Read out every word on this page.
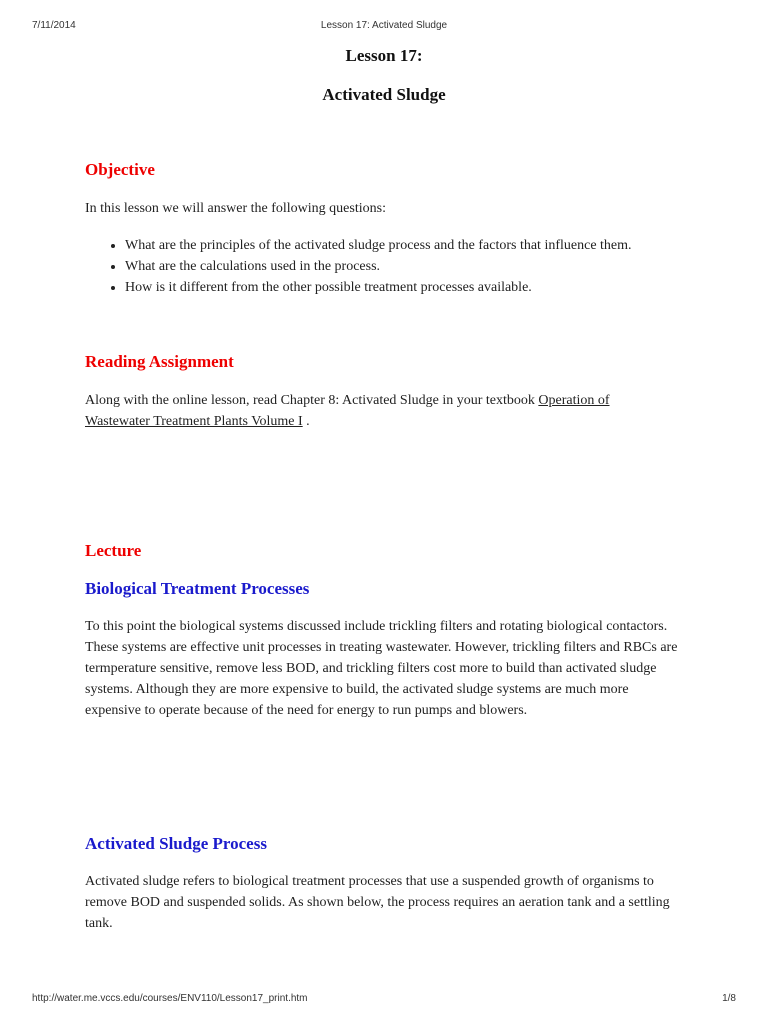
7/11/2014	Lesson 17: Activated Sludge
Lesson 17:
Activated Sludge
Objective

In this lesson we will answer the following questions:

• What are the principles of the activated sludge process and the factors that influence them.
• What are the calculations used in the process.
• How is it different from the other possible treatment processes available.
Reading Assignment

Along with the online lesson, read Chapter 8: Activated Sludge in your textbook Operation of Wastewater Treatment Plants Volume I .

Lecture
Biological Treatment Processes

To this point the biological systems discussed include trickling filters and rotating biological contactors. These systems are effective unit processes in treating wastewater. However, trickling filters and RBCs are termperature sensitive, remove less BOD, and trickling filters cost more to build than activated sludge systems. Although they are more expensive to build, the activated sludge systems are much more expensive to operate because of the need for energy to run pumps and blowers.

Activated Sludge Process

Activated sludge refers to biological treatment processes that use a suspended growth of organisms to remove BOD and suspended solids. As shown below, the process requires an aeration tank and a settling tank.

http://water.me.vccs.edu/courses/ENV110/Lesson17_print.htm	1/8
